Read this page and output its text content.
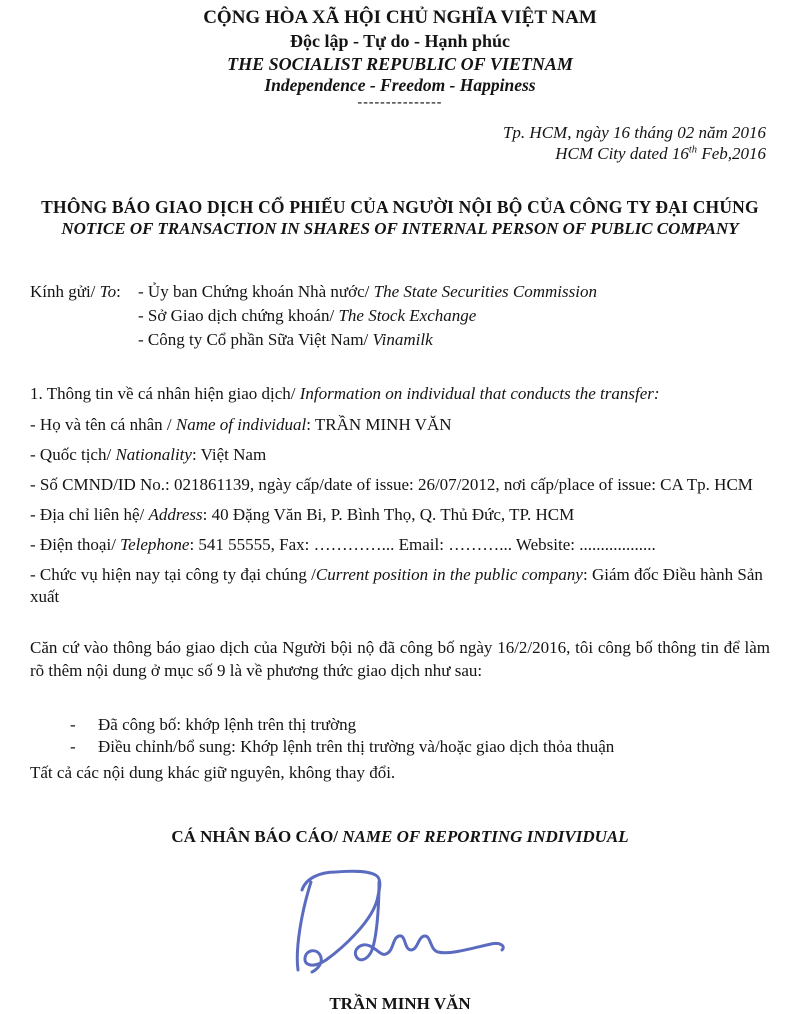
CỘNG HÒA XÃ HỘI CHỦ NGHĨA VIỆT NAM
Độc lập - Tự do - Hạnh phúc
THE SOCIALIST REPUBLIC OF VIETNAM
Independence - Freedom - Happiness
---------------
Tp. HCM, ngày 16 tháng 02 năm 2016
HCM City dated 16th Feb,2016
THÔNG BÁO GIAO DỊCH CỔ PHIẾU CỦA NGƯỜI NỘI BỘ CỦA CÔNG TY ĐẠI CHÚNG
NOTICE OF TRANSACTION IN SHARES OF INTERNAL PERSON OF PUBLIC COMPANY
Kính gửi/ To:	- Ủy ban Chứng khoán Nhà nước/ The State Securities Commission
- Sở Giao dịch chứng khoán/ The Stock Exchange
- Công ty Cổ phần Sữa Việt Nam/ Vinamilk
1. Thông tin về cá nhân hiện giao dịch/ Information on individual that conducts the transfer:
- Họ và tên cá nhân / Name of individual: TRẦN MINH VĂN
- Quốc tịch/ Nationality: Việt Nam
- Số CMND/ID No.: 021861139, ngày cấp/date of issue: 26/07/2012, nơi cấp/place of issue: CA Tp. HCM
- Địa chỉ liên hệ/ Address: 40 Đặng Văn Bi, P. Bình Thọ, Q. Thủ Đức, TP. HCM
- Điện thoại/ Telephone: 541 55555, Fax: …………... Email: ………... Website: ..................
- Chức vụ hiện nay tại công ty đại chúng /Current position in the public company: Giám đốc Điều hành Sản xuất
Căn cứ vào thông báo giao dịch của Người bội nộ đã công bố ngày 16/2/2016, tôi công bố thông tin để làm rõ thêm nội dung ở mục số 9 là về phương thức giao dịch như sau:
- Đã công bố: khớp lệnh trên thị trường
- Điều chỉnh/bổ sung: Khớp lệnh trên thị trường và/hoặc giao dịch thỏa thuận
Tất cả các nội dung khác giữ nguyên, không thay đổi.
CÁ NHÂN BÁO CÁO/ NAME OF REPORTING INDIVIDUAL
TRẦN MINH VĂN
